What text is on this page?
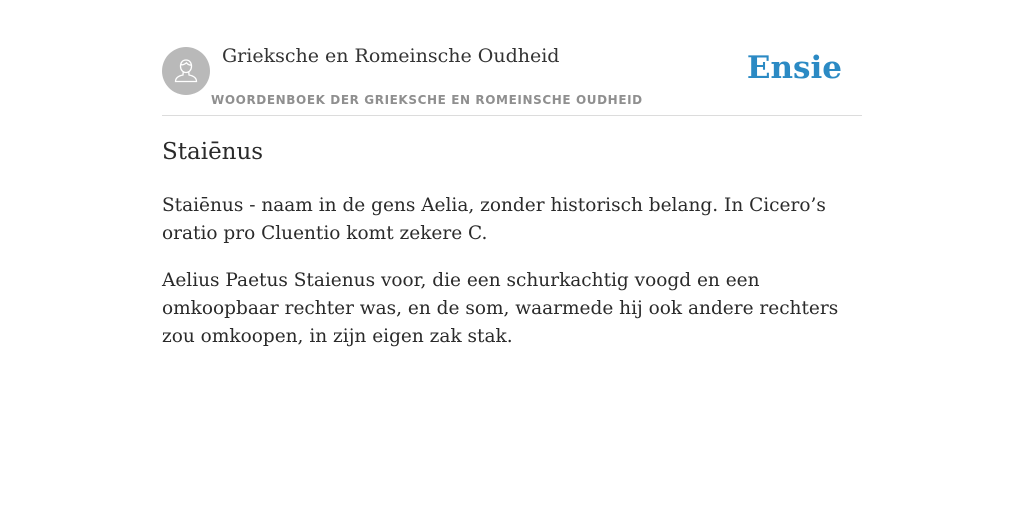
Grieksche en Romeinsche Oudheid
WOORDENBOEK DER GRIEKSCHE EN ROMEINSCHE OUDHEID
Ensie
Staiēnus

Staiēnus - naam in de gens Aelia, zonder historisch belang. In Cicero’s oratio pro Cluentio komt zekere C.

Aelius Paetus Staienus voor, die een schurkachtig voogd en een omkoopbaar rechter was, en de som, waarmede hij ook andere rechters zou omkoopen, in zijn eigen zak stak.
